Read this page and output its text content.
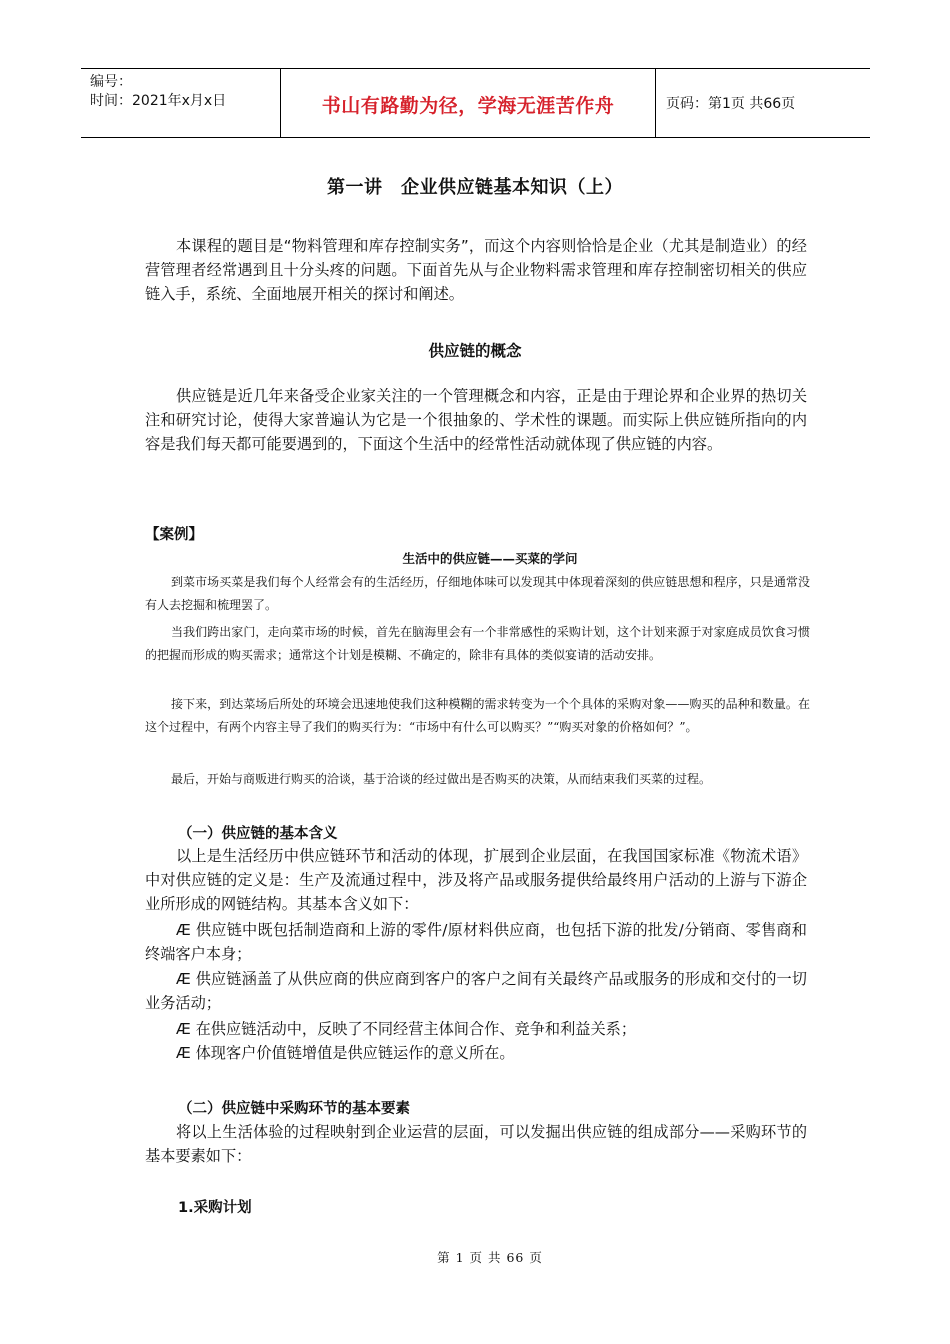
编号：
时间：2021年x月x日	书山有路勤为径，学海无涯苦作舟	页码：第1页 共66页
第一讲　企业供应链基本知识（上）
本课程的题目是“物料管理和库存控制实务”，而这个内容则恰恰是企业（尤其是制造业）的经营管理者经常遇到且十分头疼的问题。下面首先从与企业物料需求管理和库存控制密切相关的供应链入手，系统、全面地展开相关的探讨和阐述。
供应链的概念
供应链是近几年来备受企业家关注的一个管理概念和内容，正是由于理论界和企业界的热切关注和研究讨论，使得大家普遍认为它是一个很抽象的、学术性的课题。而实际上供应链所指向的内容是我们每天都可能要遇到的，下面这个生活中的经常性活动就体现了供应链的内容。
【案例】
生活中的供应链——买菜的学问
到菜市场买菜是我们每个人经常会有的生活经历，仔细地体味可以发现其中体现着深刻的供应链思想和程序，只是通常没有人去挖掘和梳理罢了。
当我们跨出家门，走向菜市场的时候，首先在脑海里会有一个非常感性的采购计划，这个计划来源于对家庭成员饮食习惯的把握而形成的购买需求；通常这个计划是模糊、不确定的，除非有具体的类似宴请的活动安排。
接下来，到达菜场后所处的环境会迅速地使我们这种模糊的需求转变为一个个具体的采购对象——购买的品种和数量。在这个过程中，有两个内容主导了我们的购买行为：“市场中有什么可以购买？”“购买对象的价格如何？”。
最后，开始与商贩进行购买的洽谈，基于洽谈的经过做出是否购买的决策，从而结束我们买菜的过程。
（一）供应链的基本含义
以上是生活经历中供应链环节和活动的体现，扩展到企业层面，在我国国家标准《物流术语》中对供应链的定义是：生产及流通过程中，涉及将产品或服务提供给最终用户活动的上游与下游企业所形成的网链结构。其基本含义如下：
Æ 供应链中既包括制造商和上游的零件/原材料供应商，也包括下游的批发/分销商、零售商和终端客户本身；
Æ 供应链涵盖了从供应商的供应商到客户的客户之间有关最终产品或服务的形成和交付的一切业务活动；
Æ 在供应链活动中，反映了不同经营主体间合作、竞争和利益关系；
Æ 体现客户价值链增值是供应链运作的意义所在。
（二）供应链中采购环节的基本要素
将以上生活体验的过程映射到企业运营的层面，可以发掘出供应链的组成部分——采购环节的基本要素如下：
1.采购计划
第 1 页 共 66 页
